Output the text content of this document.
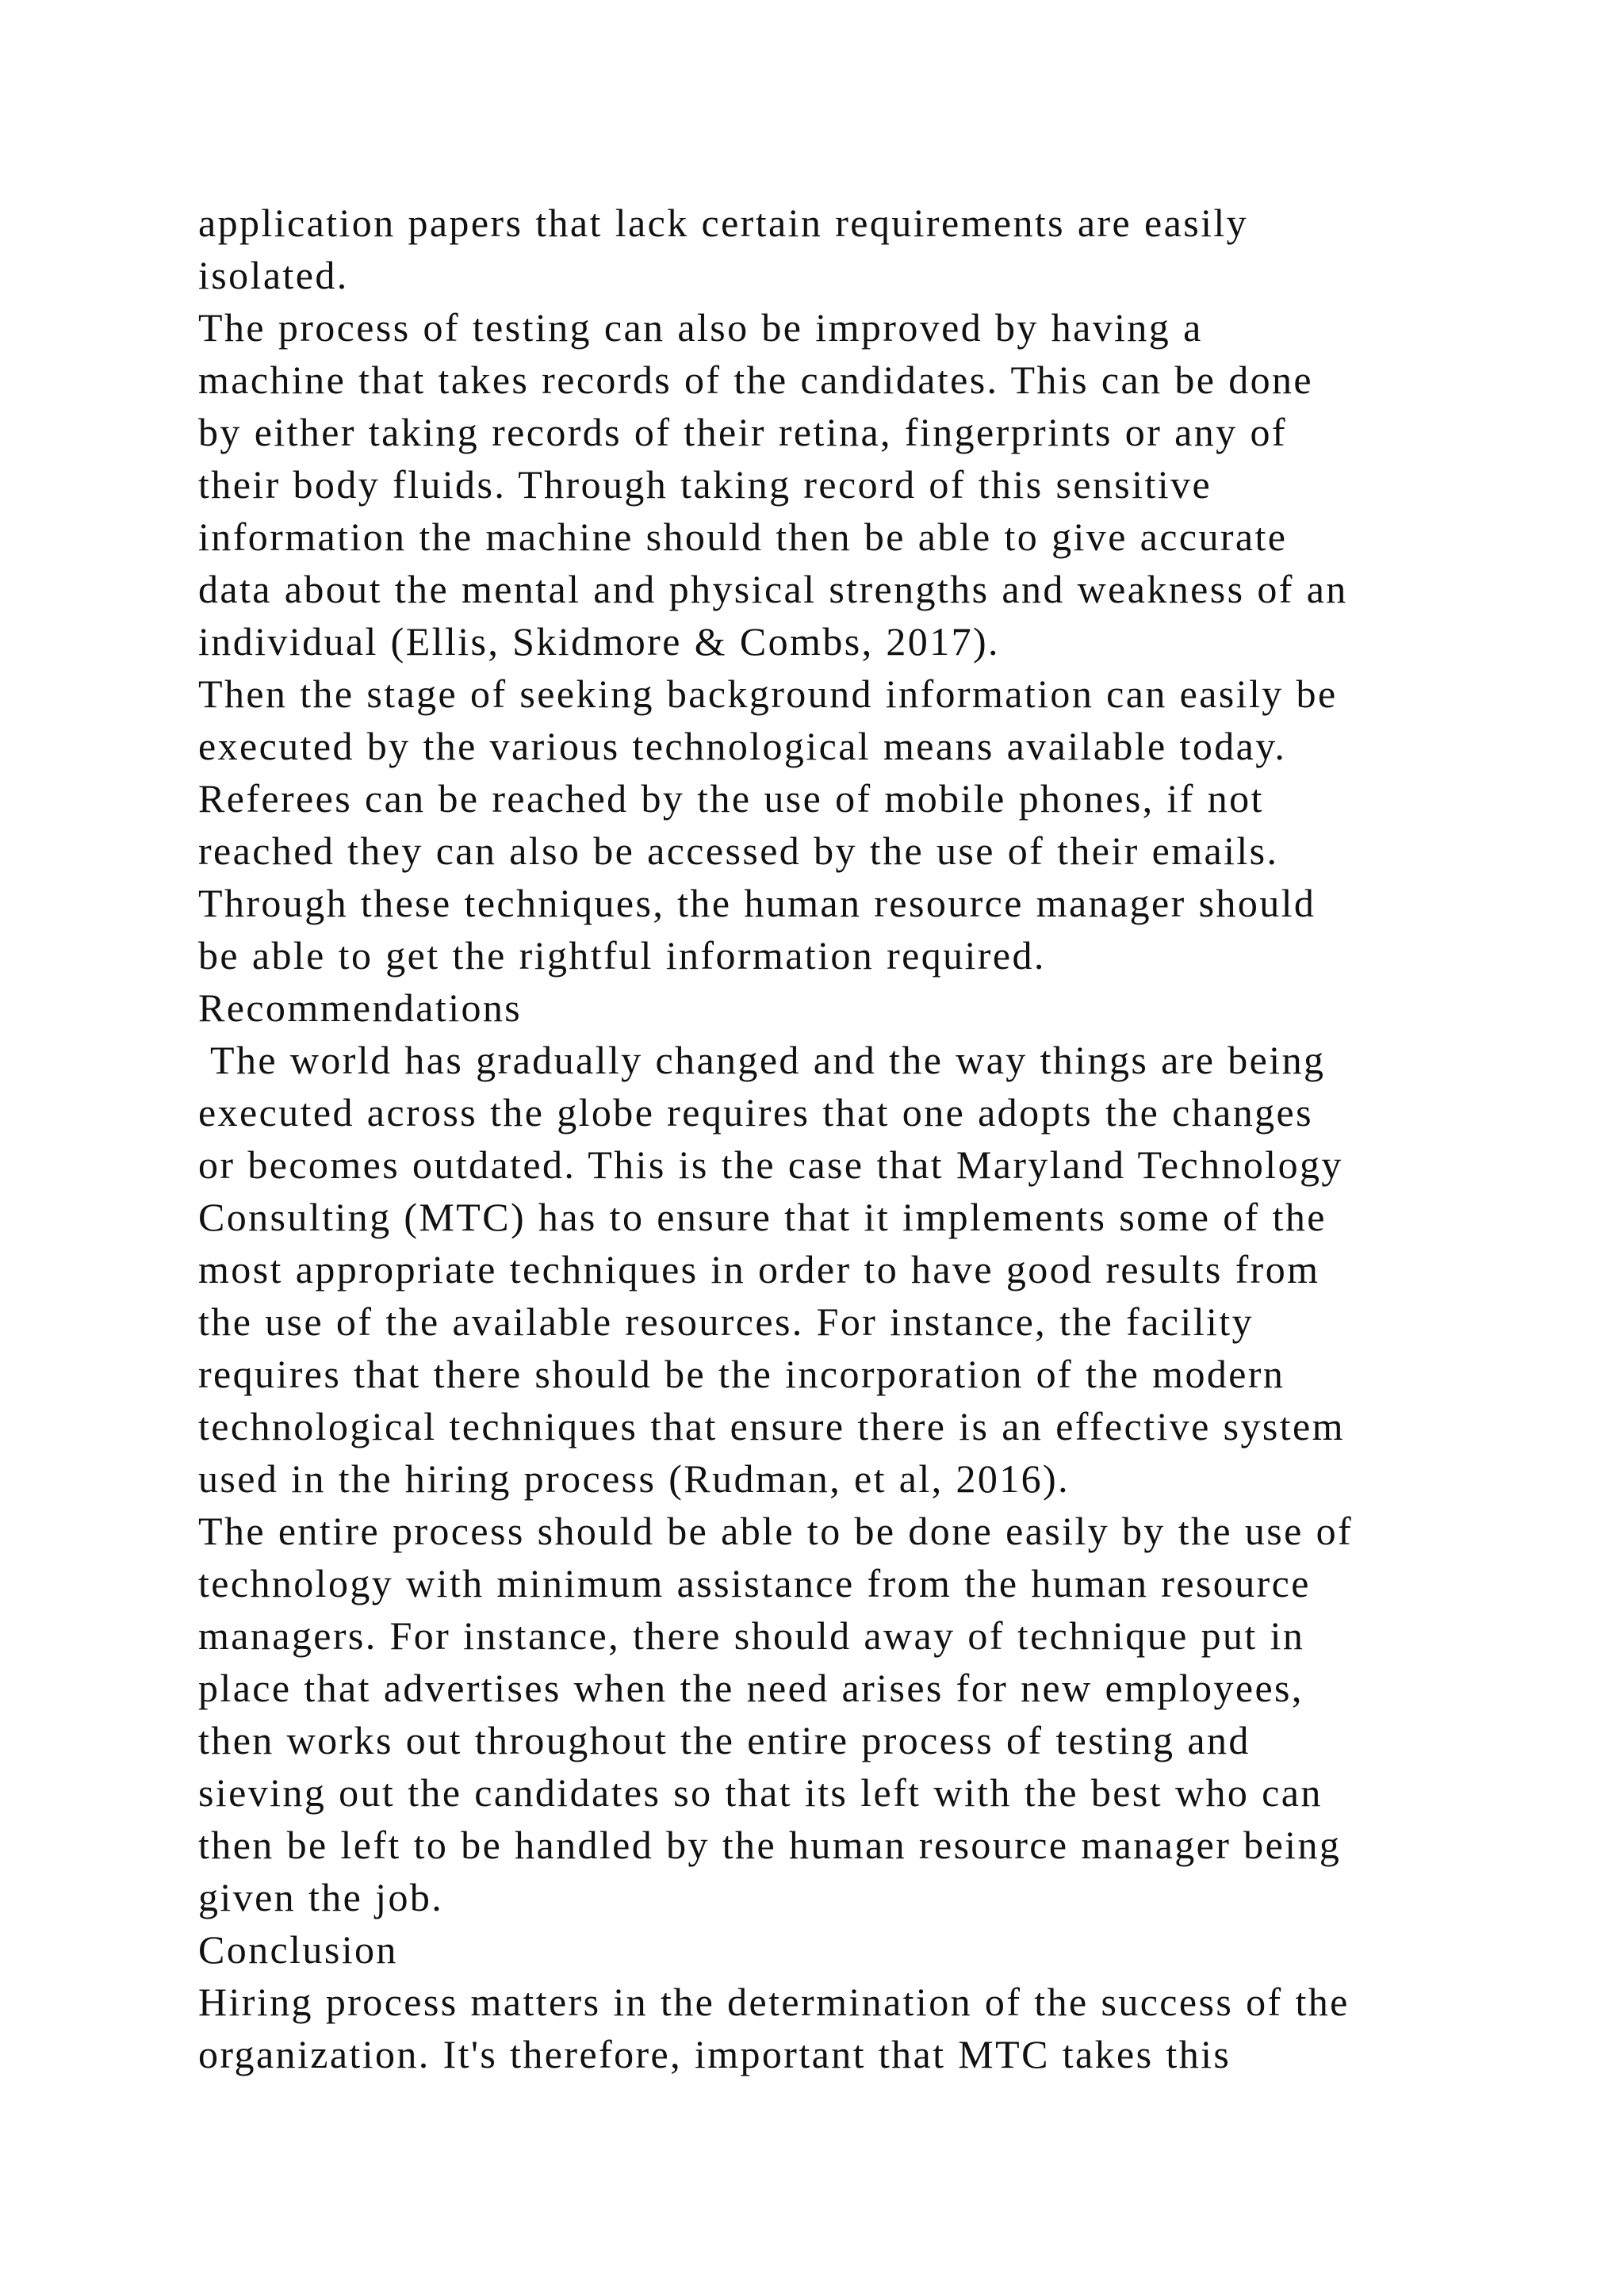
application papers that lack certain requirements are easily
isolated.
The process of testing can also be improved by having a
machine that takes records of the candidates. This can be done
by either taking records of their retina, fingerprints or any of
their body fluids. Through taking record of this sensitive
information the machine should then be able to give accurate
data about the mental and physical strengths and weakness of an
individual (Ellis, Skidmore & Combs, 2017).
Then the stage of seeking background information can easily be
executed by the various technological means available today.
Referees can be reached by the use of mobile phones, if not
reached they can also be accessed by the use of their emails.
Through these techniques, the human resource manager should
be able to get the rightful information required.
Recommendations
The world has gradually changed and the way things are being
executed across the globe requires that one adopts the changes
or becomes outdated. This is the case that Maryland Technology
Consulting (MTC) has to ensure that it implements some of the
most appropriate techniques in order to have good results from
the use of the available resources. For instance, the facility
requires that there should be the incorporation of the modern
technological techniques that ensure there is an effective system
used in the hiring process (Rudman, et al, 2016).
The entire process should be able to be done easily by the use of
technology with minimum assistance from the human resource
managers. For instance, there should away of technique put in
place that advertises when the need arises for new employees,
then works out throughout the entire process of testing and
sieving out the candidates so that its left with the best who can
then be left to be handled by the human resource manager being
given the job.
Conclusion
Hiring process matters in the determination of the success of the
organization. It's therefore, important that MTC takes this
